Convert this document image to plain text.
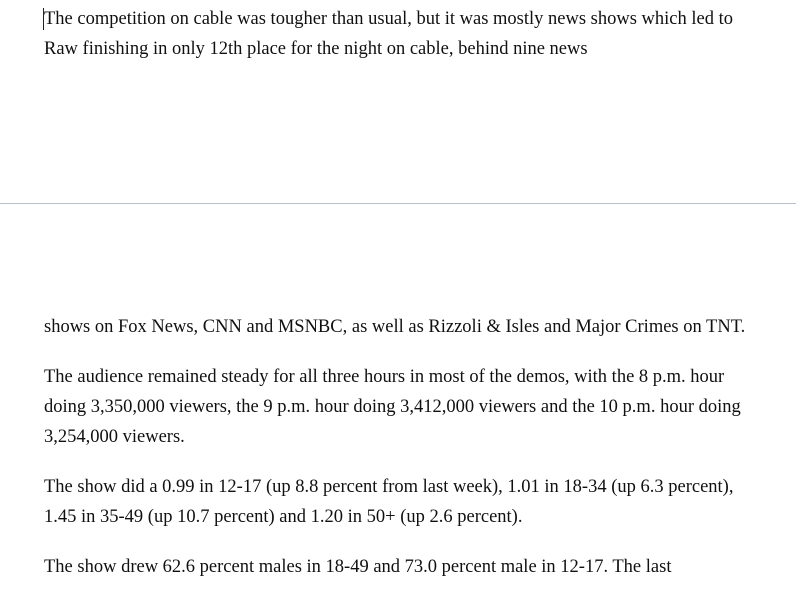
The competition on cable was tougher than usual, but it was mostly news shows which led to Raw finishing in only 12th place for the night on cable, behind nine news

shows on Fox News, CNN and MSNBC, as well as Rizzoli & Isles and Major Crimes on TNT.

The audience remained steady for all three hours in most of the demos, with the 8 p.m. hour doing 3,350,000 viewers, the 9 p.m. hour doing 3,412,000 viewers and the 10 p.m. hour doing 3,254,000 viewers.

The show did a 0.99 in 12-17 (up 8.8 percent from last week), 1.01 in 18-34 (up 6.3 percent), 1.45 in 35-49 (up 10.7 percent) and 1.20 in 50+ (up 2.6 percent).

The show drew 62.6 percent males in 18-49 and 73.0 percent male in 12-17. The last
